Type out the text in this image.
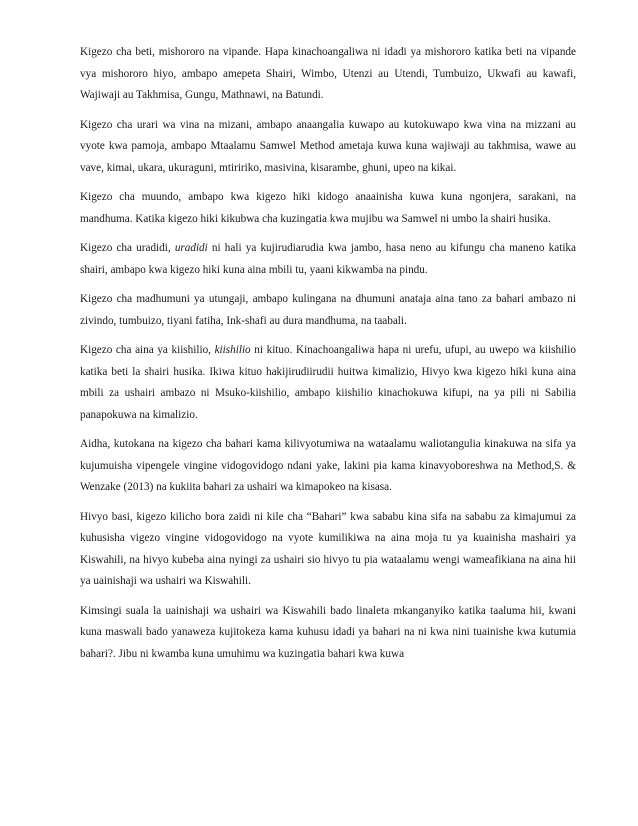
Kigezo cha beti, mishororo na vipande. Hapa kinachoangaliwa ni idadi ya mishororo katika beti na vipande vya mishororo hiyo, ambapo amepeta Shairi, Wimbo, Utenzi au Utendi, Tumbuizo, Ukwafi au kawafi, Wajiwaji au Takhmisa, Gungu, Mathnawi, na Batundi.

Kigezo cha urari wa vina na mizani, ambapo anaangalia kuwapo au kutokuwapo kwa vina na mizzani au vyote kwa pamoja, ambapo Mtaalamu Samwel Method ametaja kuwa kuna wajiwaji au takhmisa, wawe au vave, kimai, ukara, ukuraguni, mtiririko, masivina, kisarambe, ghuni, upeo na kikai.

Kigezo cha muundo, ambapo kwa kigezo hiki kidogo anaainisha kuwa kuna ngonjera, sarakani, na mandhuma. Katika kigezo hiki kikubwa cha kuzingatia kwa mujibu wa Samwel ni umbo la shairi husika.

Kigezo cha uradidi, uradidi ni hali ya kujirudiarudia kwa jambo, hasa neno au kifungu cha maneno katika shairi, ambapo kwa kigezo hiki kuna aina mbili tu, yaani kikwamba na pindu.

Kigezo cha madhumuni ya utungaji, ambapo kulingana na dhumuni anataja aina tano za bahari ambazo ni zivindo, tumbuizo, tiyani fatiha, Ink-shafi au dura mandhuma, na taabali.

Kigezo cha aina ya kiishilio, kiishilio ni kituo. Kinachoangaliwa hapa ni urefu, ufupi, au uwepo wa kiishilio katika beti la shairi husika. Ikiwa kituo hakijirudiirudii huitwa kimalizio, Hivyo kwa kigezo hiki kuna aina mbili za ushairi ambazo ni Msuko-kiishilio, ambapo kiishilio kinachokuwa kifupi, na ya pili ni Sabilia panapokuwa na kimalizio.

Aidha, kutokana na kigezo cha bahari kama kilivyotumiwa na wataalamu waliotangulia kinakuwa na sifa ya kujumuisha vipengele vingine vidogovidogo ndani yake, lakini pia kama kinavyoboreshwa na Method,S. & Wenzake (2013) na kukiita bahari za ushairi wa kimapokeo na kisasa.

Hivyo basi, kigezo kilicho bora zaidi ni kile cha “Bahari” kwa sababu kina sifa na sababu za kimajumui za kuhusisha vigezo vingine vidogovidogo na vyote kumilikiwa na aina moja tu ya kuainisha mashairi ya Kiswahili, na hivyo kubeba aina nyingi za ushairi sio hivyo tu pia wataalamu wengi wameafikiana na aina hii ya uainishaji wa ushairi wa Kiswahili.

Kimsingi suala la uainishaji wa ushairi wa Kiswahili bado linaleta mkanganyiko katika taaluma hii, kwani kuna maswali bado yanaweza kujitokeza kama kuhusu idadi ya bahari na ni kwa nini tuainishe kwa kutumia bahari?. Jibu ni kwamba kuna umuhimu wa kuzingatia bahari kwa kuwa
